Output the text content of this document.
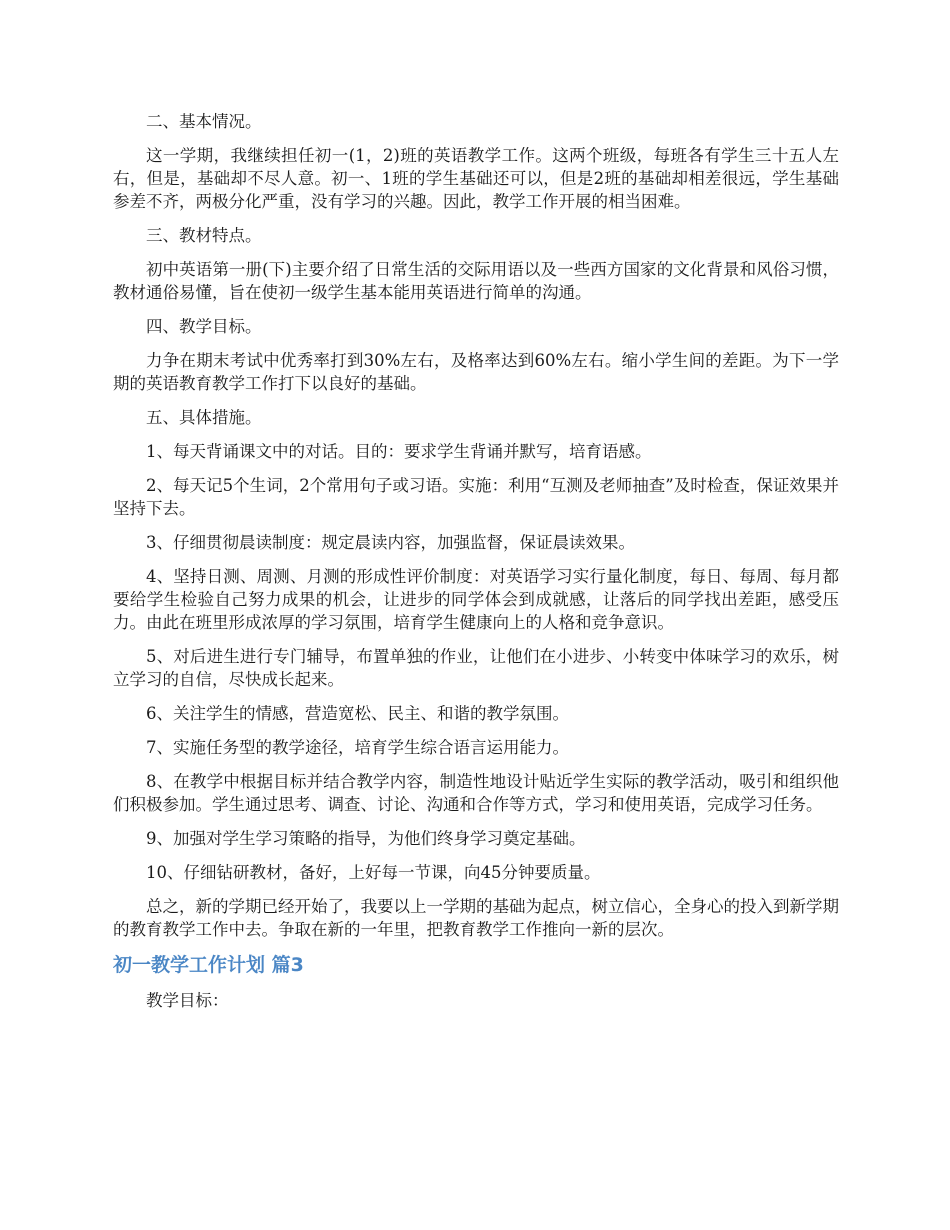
二、基本情况。

这一学期，我继续担任初一(1，2)班的英语教学工作。这两个班级，每班各有学生三十五人左右，但是，基础却不尽人意。初一、1班的学生基础还可以，但是2班的基础却相差很远，学生基础参差不齐，两极分化严重，没有学习的兴趣。因此，教学工作开展的相当困难。

三、教材特点。

初中英语第一册(下)主要介绍了日常生活的交际用语以及一些西方国家的文化背景和风俗习惯，教材通俗易懂，旨在使初一级学生基本能用英语进行简单的沟通。

四、教学目标。

力争在期末考试中优秀率打到30%左右，及格率达到60%左右。缩小学生间的差距。为下一学期的英语教育教学工作打下以良好的基础。

五、具体措施。

1、每天背诵课文中的对话。目的：要求学生背诵并默写，培育语感。

2、每天记5个生词，2个常用句子或习语。实施：利用“互测及老师抽查”及时检查，保证效果并坚持下去。

3、仔细贯彻晨读制度：规定晨读内容，加强监督，保证晨读效果。

4、坚持日测、周测、月测的形成性评价制度：对英语学习实行量化制度，每日、每周、每月都要给学生检验自己努力成果的机会，让进步的同学体会到成就感，让落后的同学找出差距，感受压力。由此在班里形成浓厚的学习氛围，培育学生健康向上的人格和竞争意识。

5、对后进生进行专门辅导，布置单独的作业，让他们在小进步、小转变中体味学习的欢乐，树立学习的自信，尽快成长起来。

6、关注学生的情感，营造宽松、民主、和谐的教学氛围。

7、实施任务型的教学途径，培育学生综合语言运用能力。

8、在教学中根据目标并结合教学内容，制造性地设计贴近学生实际的教学活动，吸引和组织他们积极参加。学生通过思考、调查、讨论、沟通和合作等方式，学习和使用英语，完成学习任务。

9、加强对学生学习策略的指导，为他们终身学习奠定基础。

10、仔细钻研教材，备好，上好每一节课，向45分钟要质量。

总之，新的学期已经开始了，我要以上一学期的基础为起点，树立信心，全身心的投入到新学期的教育教学工作中去。争取在新的一年里，把教育教学工作推向一新的层次。

初一教学工作计划 篇3

教学目标：
